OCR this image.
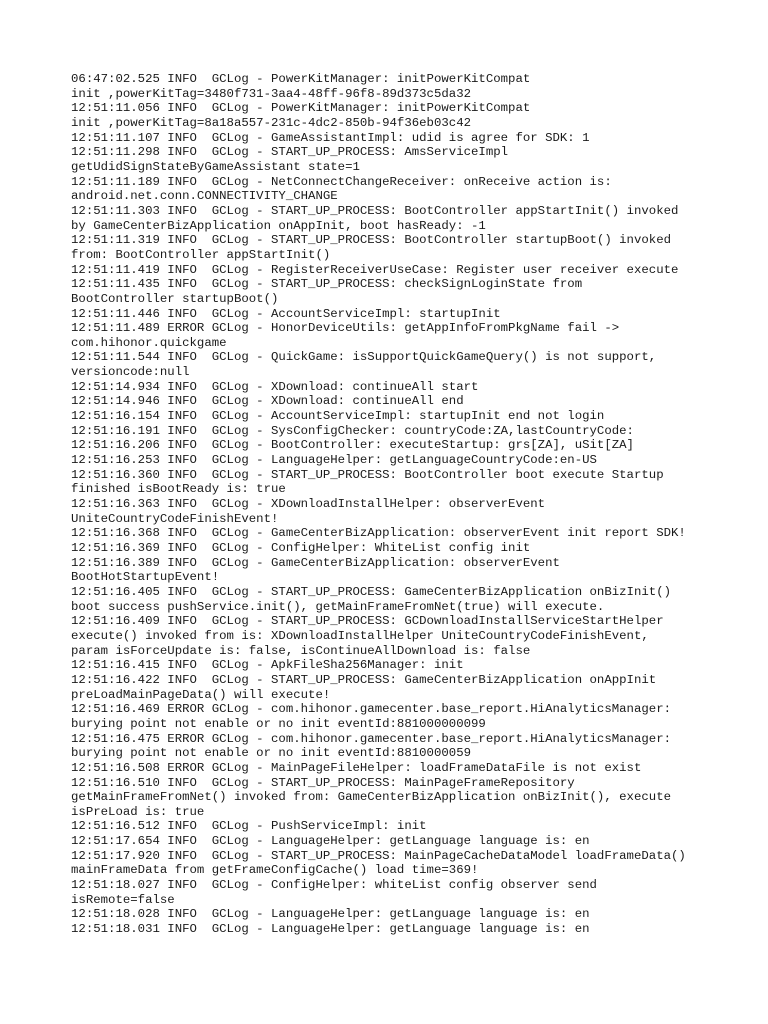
06:47:02.525 INFO  GCLog - PowerKitManager: initPowerKitCompat

init ,powerKitTag=3480f731-3aa4-48ff-96f8-89d373c5da32

12:51:11.056 INFO  GCLog - PowerKitManager: initPowerKitCompat

init ,powerKitTag=8a18a557-231c-4dc2-850b-94f36eb03c42

12:51:11.107 INFO  GCLog - GameAssistantImpl: udid is agree for SDK: 1

12:51:11.298 INFO  GCLog - START_UP_PROCESS: AmsServiceImpl

getUdidSignStateByGameAssistant state=1

12:51:11.189 INFO  GCLog - NetConnectChangeReceiver: onReceive action is:

android.net.conn.CONNECTIVITY_CHANGE

12:51:11.303 INFO  GCLog - START_UP_PROCESS: BootController appStartInit() invoked

by GameCenterBizApplication onAppInit, boot hasReady: -1

12:51:11.319 INFO  GCLog - START_UP_PROCESS: BootController startupBoot() invoked

from: BootController appStartInit()

12:51:11.419 INFO  GCLog - RegisterReceiverUseCase: Register user receiver execute

12:51:11.435 INFO  GCLog - START_UP_PROCESS: checkSignLoginState from

BootController startupBoot()

12:51:11.446 INFO  GCLog - AccountServiceImpl: startupInit

12:51:11.489 ERROR GCLog - HonorDeviceUtils: getAppInfoFromPkgName fail ->

com.hihonor.quickgame

12:51:11.544 INFO  GCLog - QuickGame: isSupportQuickGameQuery() is not support,

versioncode:null

12:51:14.934 INFO  GCLog - XDownload: continueAll start

12:51:14.946 INFO  GCLog - XDownload: continueAll end

12:51:16.154 INFO  GCLog - AccountServiceImpl: startupInit end not login

12:51:16.191 INFO  GCLog - SysConfigChecker: countryCode:ZA,lastCountryCode:

12:51:16.206 INFO  GCLog - BootController: executeStartup: grs[ZA], uSit[ZA]

12:51:16.253 INFO  GCLog - LanguageHelper: getLanguageCountryCode:en-US

12:51:16.360 INFO  GCLog - START_UP_PROCESS: BootController boot execute Startup

finished isBootReady is: true

12:51:16.363 INFO  GCLog - XDownloadInstallHelper: observerEvent

UniteCountryCodeFinishEvent!

12:51:16.368 INFO  GCLog - GameCenterBizApplication: observerEvent init report SDK!

12:51:16.369 INFO  GCLog - ConfigHelper: WhiteList config init

12:51:16.389 INFO  GCLog - GameCenterBizApplication: observerEvent

BootHotStartupEvent!

12:51:16.405 INFO  GCLog - START_UP_PROCESS: GameCenterBizApplication onBizInit()

boot success pushService.init(), getMainFrameFromNet(true) will execute.

12:51:16.409 INFO  GCLog - START_UP_PROCESS: GCDownloadInstallServiceStartHelper

execute() invoked from is: XDownloadInstallHelper UniteCountryCodeFinishEvent,

param isForceUpdate is: false, isContinueAllDownload is: false

12:51:16.415 INFO  GCLog - ApkFileSha256Manager: init

12:51:16.422 INFO  GCLog - START_UP_PROCESS: GameCenterBizApplication onAppInit

preLoadMainPageData() will execute!

12:51:16.469 ERROR GCLog - com.hihonor.gamecenter.base_report.HiAnalyticsManager:

burying point not enable or no init eventId:881000000099

12:51:16.475 ERROR GCLog - com.hihonor.gamecenter.base_report.HiAnalyticsManager:

burying point not enable or no init eventId:8810000059

12:51:16.508 ERROR GCLog - MainPageFileHelper: loadFrameDataFile is not exist

12:51:16.510 INFO  GCLog - START_UP_PROCESS: MainPageFrameRepository

getMainFrameFromNet() invoked from: GameCenterBizApplication onBizInit(), execute

isPreLoad is: true

12:51:16.512 INFO  GCLog - PushServiceImpl: init

12:51:17.654 INFO  GCLog - LanguageHelper: getLanguage language is: en

12:51:17.920 INFO  GCLog - START_UP_PROCESS: MainPageCacheDataModel loadFrameData()

mainFrameData from getFrameConfigCache() load time=369!

12:51:18.027 INFO  GCLog - ConfigHelper: whiteList config observer send

isRemote=false

12:51:18.028 INFO  GCLog - LanguageHelper: getLanguage language is: en

12:51:18.031 INFO  GCLog - LanguageHelper: getLanguage language is: en
